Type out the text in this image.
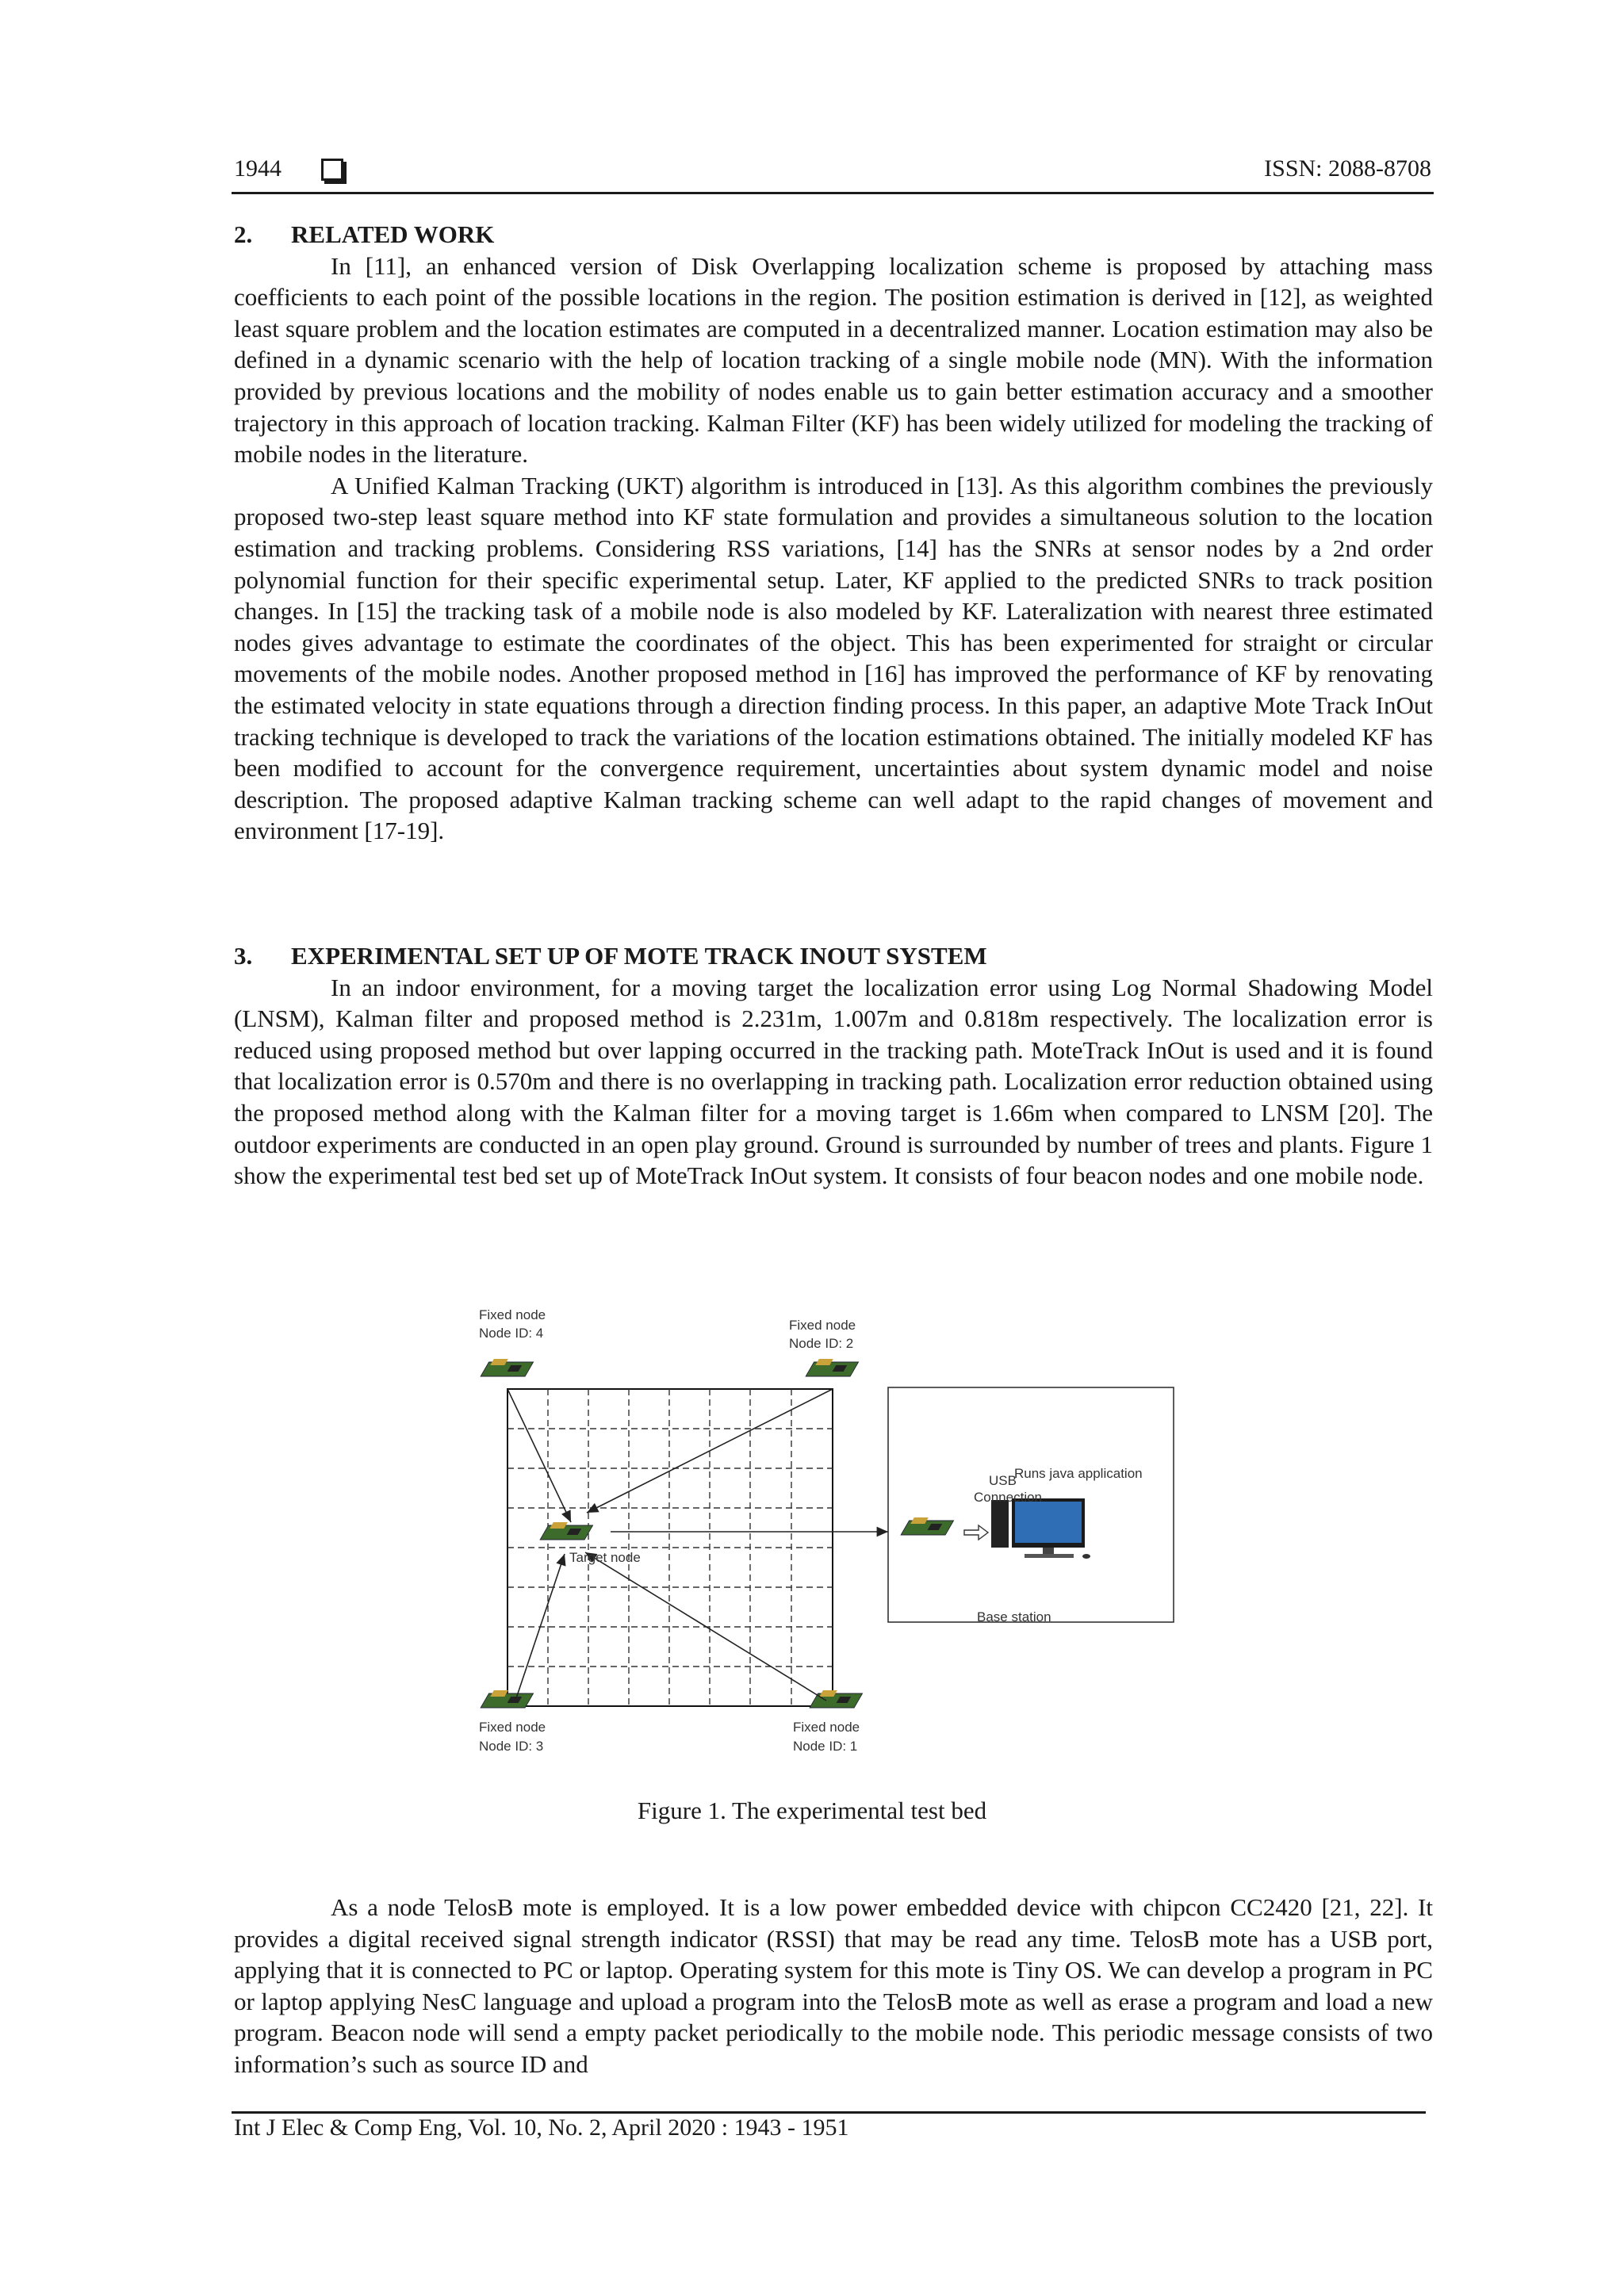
1944	ISSN: 2088-8708
2. RELATED WORK

In [11], an enhanced version of Disk Overlapping localization scheme is proposed by attaching mass coefficients to each point of the possible locations in the region. The position estimation is derived in [12], as weighted least square problem and the location estimates are computed in a decentralized manner. Location estimation may also be defined in a dynamic scenario with the help of location tracking of a single mobile node (MN). With the information provided by previous locations and the mobility of nodes enable us to gain better estimation accuracy and a smoother trajectory in this approach of location tracking. Kalman Filter (KF) has been widely utilized for modeling the tracking of mobile nodes in the literature.

A Unified Kalman Tracking (UKT) algorithm is introduced in [13]. As this algorithm combines the previously proposed two-step least square method into KF state formulation and provides a simultaneous solution to the location estimation and tracking problems. Considering RSS variations, [14] has the SNRs at sensor nodes by a 2nd order polynomial function for their specific experimental setup. Later, KF applied to the predicted SNRs to track position changes. In [15] the tracking task of a mobile node is also modeled by KF. Lateralization with nearest three estimated nodes gives advantage to estimate the coordinates of the object. This has been experimented for straight or circular movements of the mobile nodes. Another proposed method in [16] has improved the performance of KF by renovating the estimated velocity in state equations through a direction finding process. In this paper, an adaptive Mote Track InOut tracking technique is developed to track the variations of the location estimations obtained. The initially modeled KF has been modified to account for the convergence requirement, uncertainties about system dynamic model and noise description. The proposed adaptive Kalman tracking scheme can well adapt to the rapid changes of movement and environment [17-19].

3. EXPERIMENTAL SET UP OF MOTE TRACK INOUT SYSTEM

In an indoor environment, for a moving target the localization error using Log Normal Shadowing Model (LNSM), Kalman filter and proposed method is 2.231m, 1.007m and 0.818m respectively. The localization error is reduced using proposed method but over lapping occurred in the tracking path. MoteTrack InOut is used and it is found that localization error is 0.570m and there is no overlapping in tracking path. Localization error reduction obtained using the proposed method along with the Kalman filter for a moving target is 1.66m when compared to LNSM [20]. The outdoor experiments are conducted in an open play ground. Ground is surrounded by number of trees and plants. Figure 1 show the experimental test bed set up of MoteTrack InOut system. It consists of four beacon nodes and one mobile node.

USB
Connection
Runs java application
Base station
Fixed node
Node ID: 4
Fixed node
Node ID: 2
Fixed node
Node ID: 3
Fixed node
Node ID: 1
Target node
Figure 1. The experimental test bed

As a node TelosB mote is employed. It is a low power embedded device with chipcon CC2420 [21, 22]. It provides a digital received signal strength indicator (RSSI) that may be read any time. TelosB mote has a USB port, applying that it is connected to PC or laptop. Operating system for this mote is Tiny OS. We can develop a program in PC or laptop applying NesC language and upload a program into the TelosB mote as well as erase a program and load a new program. Beacon node will send a empty packet periodically to the mobile node. This periodic message consists of two information’s such as source ID and

Int J Elec & Comp Eng, Vol. 10, No. 2, April 2020 : 1943 - 1951
